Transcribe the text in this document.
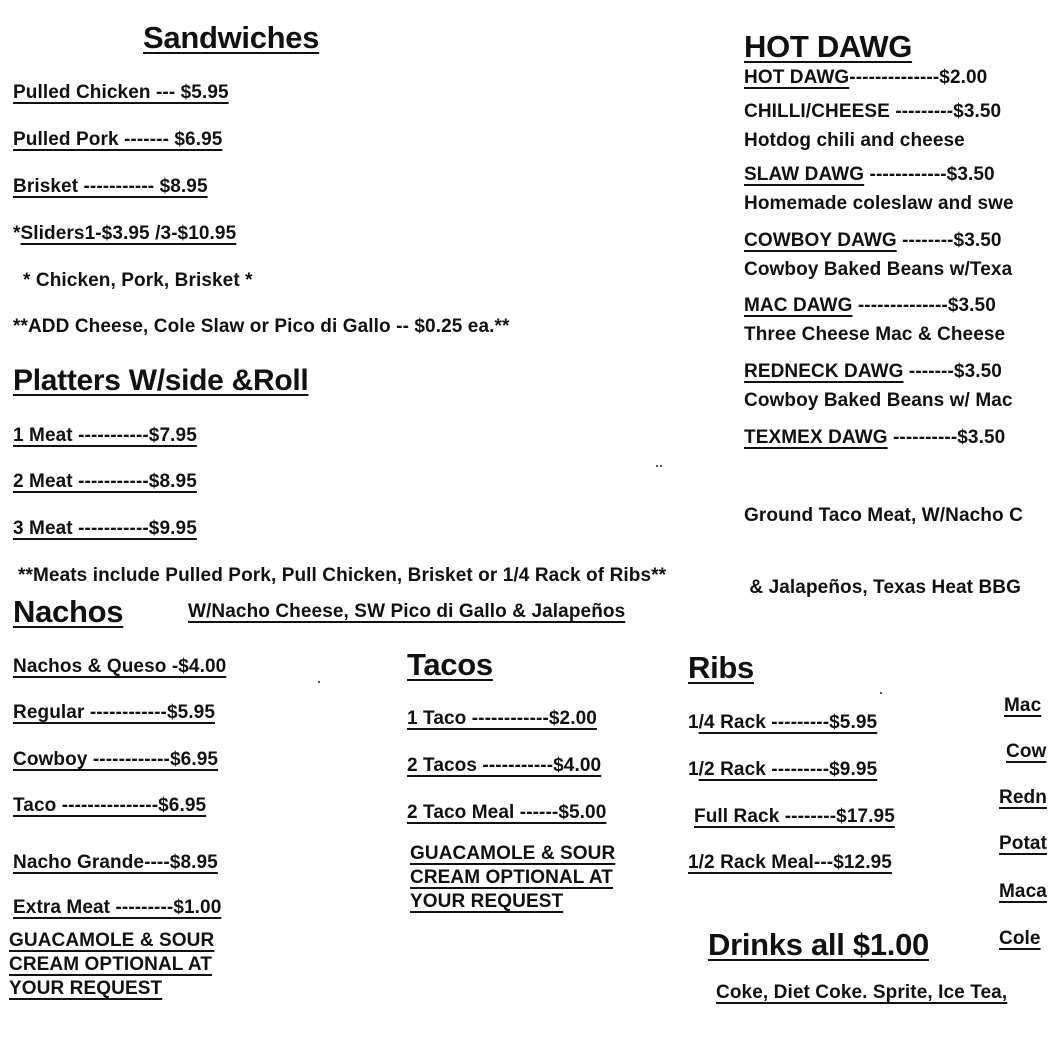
Sandwiches
Pulled Chicken --- $5.95
Pulled Pork ------- $6.95
Brisket ----------- $8.95
*Sliders1-$3.95 /3-$10.95
* Chicken, Pork, Brisket *
**ADD Cheese, Cole Slaw or Pico di Gallo -- $0.25 ea.**
Platters W/side &Roll
1 Meat -----------$7.95
2 Meat -----------$8.95
3 Meat -----------$9.95
**Meats include Pulled Pork, Pull Chicken, Brisket or 1/4 Rack of Ribs**
Nachos	W/Nacho Cheese, SW Pico di Gallo & Jalapeños
Nachos & Queso -$4.00
Regular ------------$5.95
Cowboy ------------$6.95
Taco ---------------$6.95
Nacho Grande----$8.95
Extra Meat ---------$1.00
GUACAMOLE & SOUR
CREAM OPTIONAL AT
YOUR REQUEST
Tacos
1 Taco ------------$2.00
2 Tacos -----------$4.00
2 Taco Meal ------$5.00
GUACAMOLE & SOUR
CREAM OPTIONAL AT
YOUR REQUEST
Ribs
1/4 Rack ---------$5.95
1/2 Rack ---------$9.95
Full Rack --------$17.95
1/2 Rack Meal---$12.95
Drinks all $1.00
Coke, Diet Coke. Sprite, Ice Tea,
Mac
Cow
Redn
Potat
Maca
Cole
HOT DAWG
HOT DAWG--------------$2.00
CHILLI/CHEESE ---------$3.50
Hotdog chili and cheese
SLAW DAWG ------------$3.50
Homemade coleslaw and swe
COWBOY DAWG --------$3.50
Cowboy Baked Beans w/Texa
MAC DAWG --------------$3.50
Three Cheese Mac & Cheese
REDNECK DAWG -------$3.50
Cowboy Baked Beans w/ Mac
TEXMEX DAWG ----------$3.50

Ground Taco Meat, W/Nacho C

& Jalapeños, Texas Heat BBG
